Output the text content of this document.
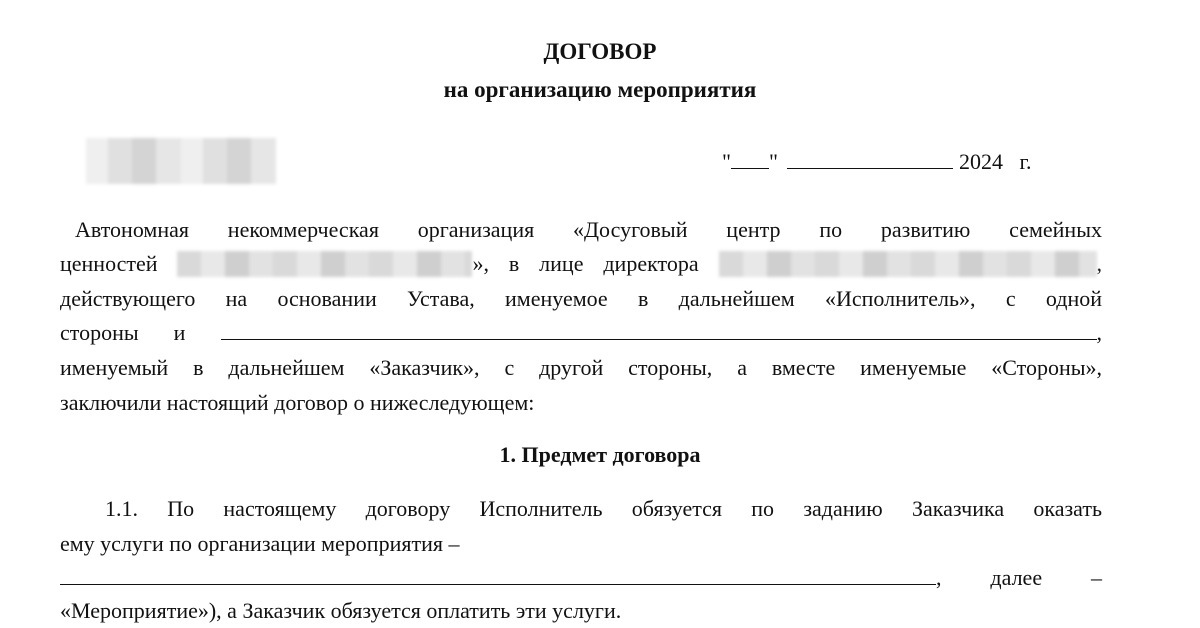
ДОГОВОР
на организацию мероприятия
" "	2024 г.
Автономная некоммерческая организация «Досуговый центр по развитию семейных
ценностей	», в лице директора	,
действующего на основании Устава, именуемое в дальнейшем «Исполнитель», с одной
стороны и	,
именуемый в дальнейшем «Заказчик», с другой стороны, а вместе именуемые «Стороны»,
заключили настоящий договор о нижеследующем:
1. Предмет договора
1.1. По настоящему договору Исполнитель обязуется по заданию Заказчика оказать
ему услуги по организации мероприятия –
, далее –
«Мероприятие»), а Заказчик обязуется оплатить эти услуги.
